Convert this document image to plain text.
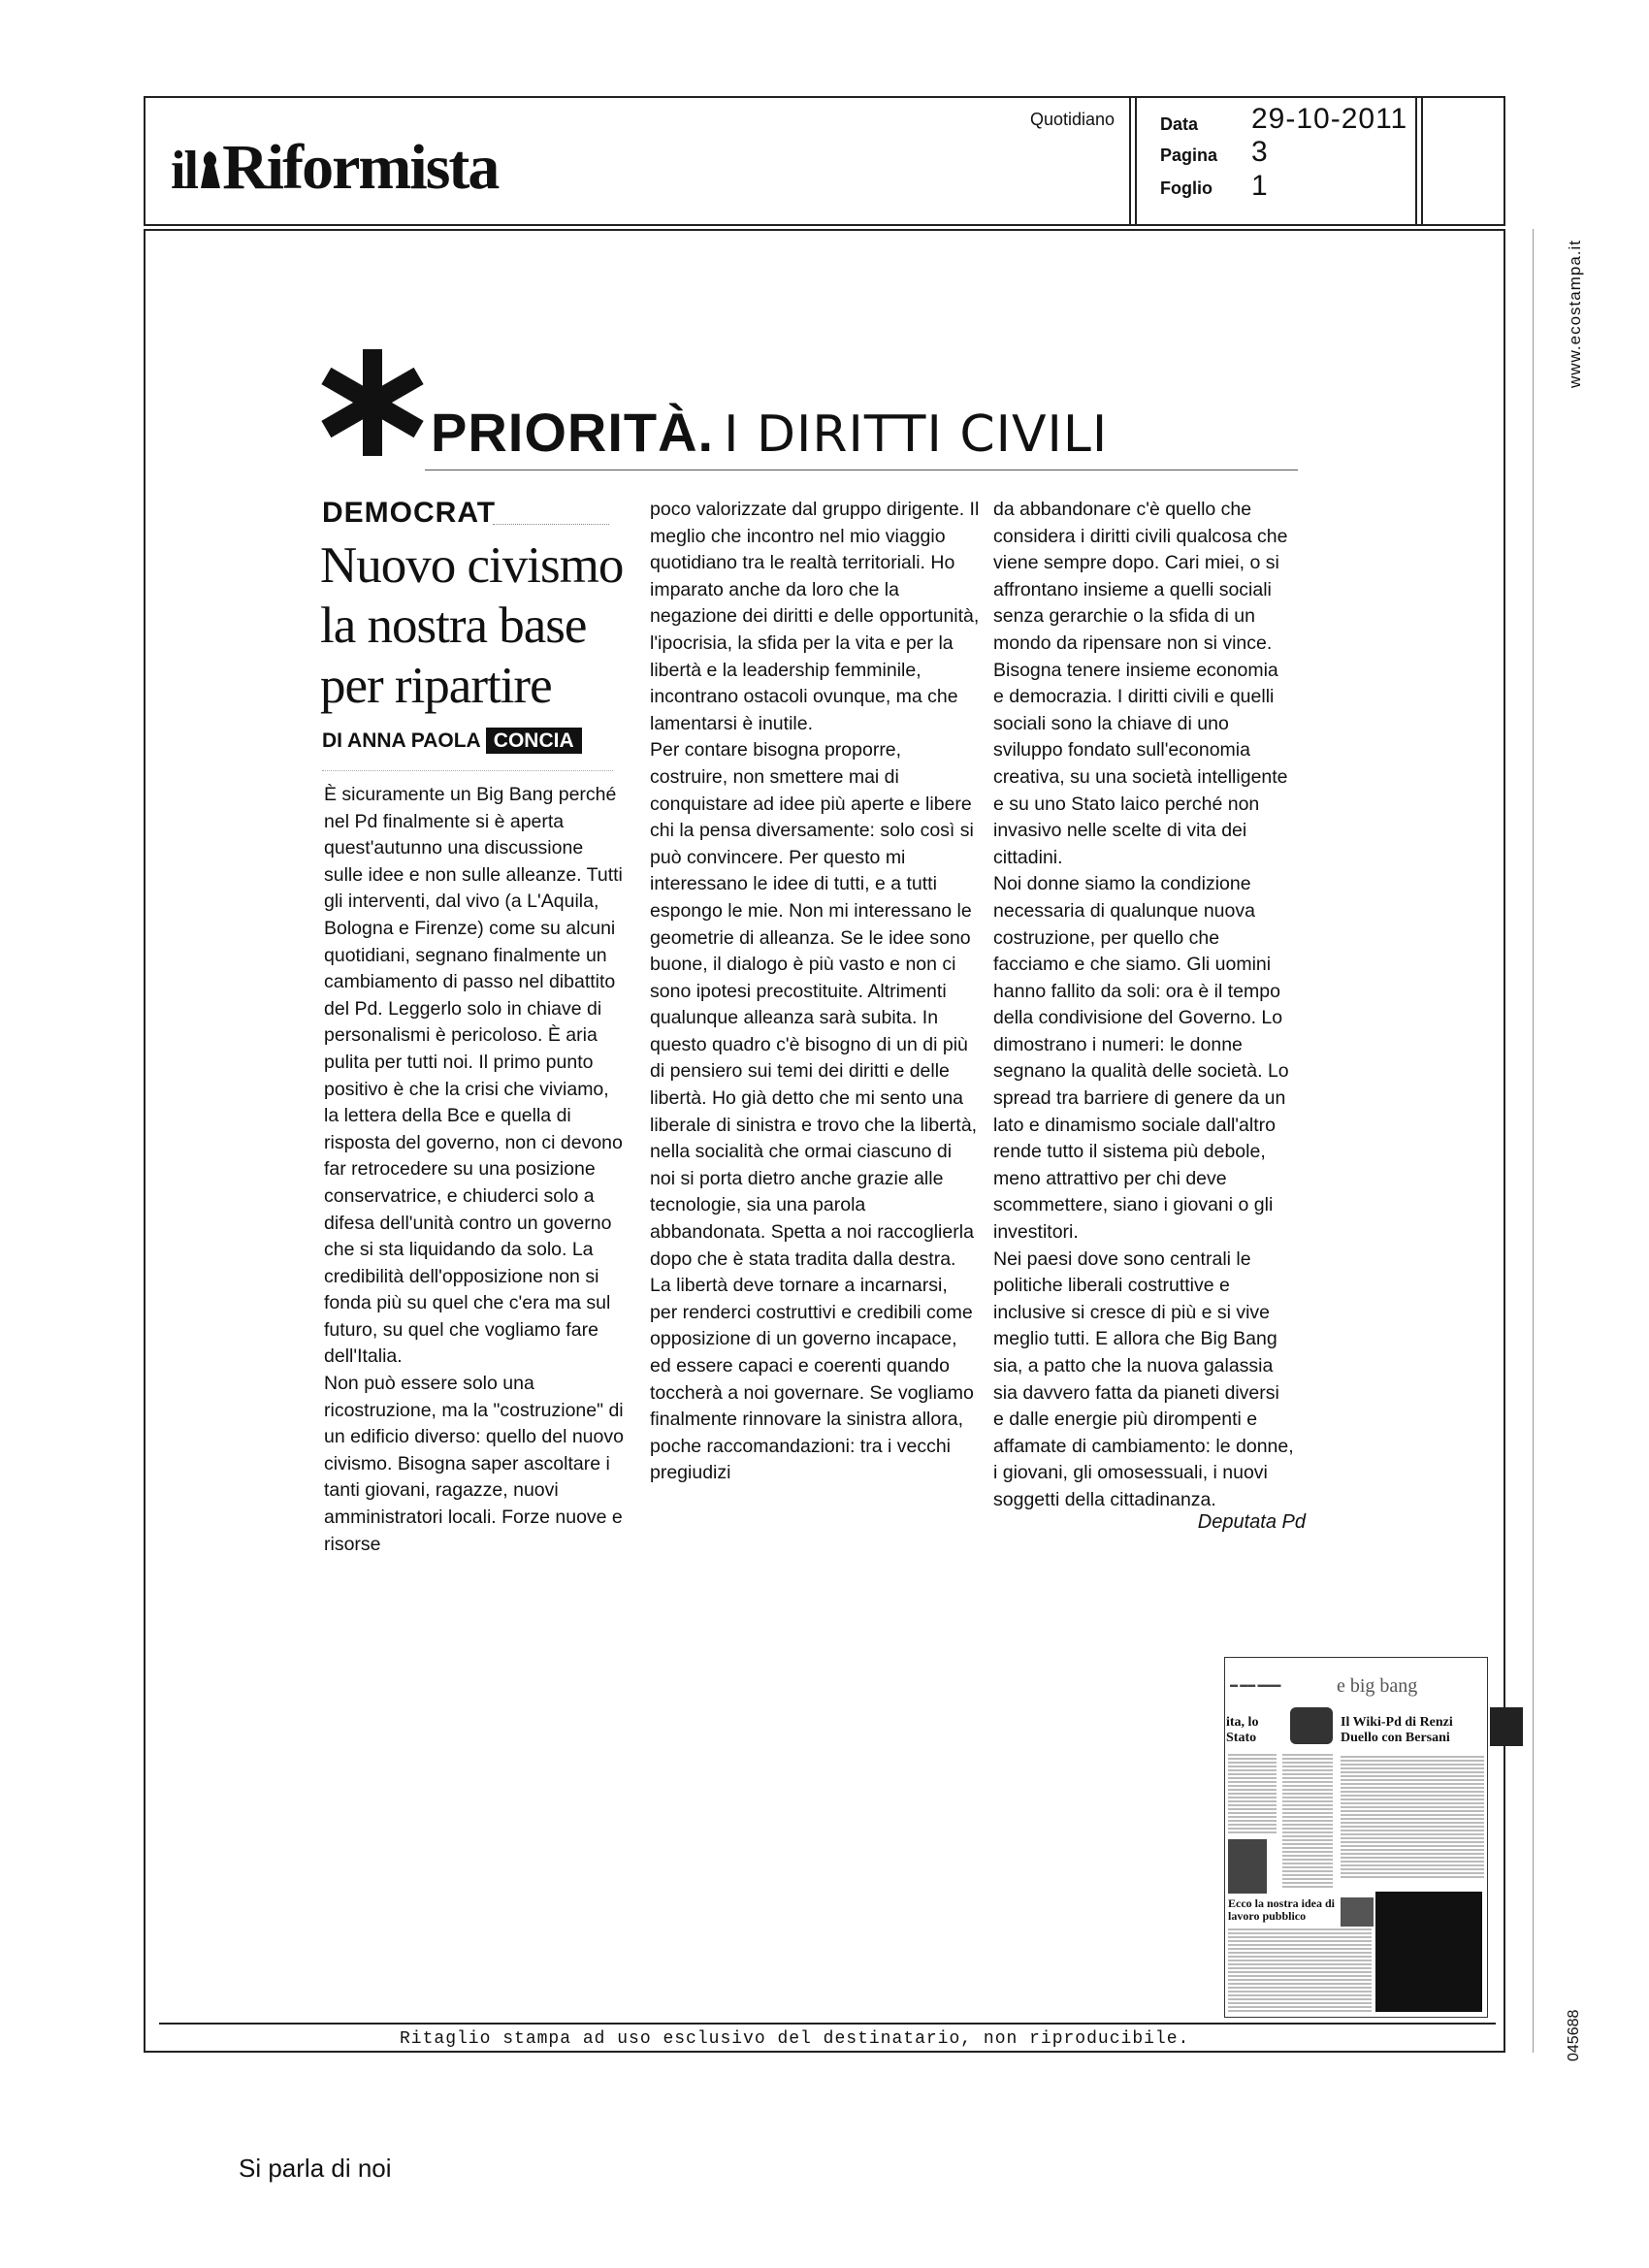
il Riformista
Quotidiano	Data 29-10-2011
Pagina 3
Foglio 1
www.ecostampa.it
045688
PRIORITÀ. I DIRITTI CIVILI
DEMOCRAT
Nuovo civismo la nostra base per ripartire
DI ANNA PAOLA CONCIA

È sicuramente un Big Bang perché nel Pd finalmente si è aperta quest'autunno una discussione sulle idee e non sulle alleanze. Tutti gli interventi, dal vivo (a L'Aquila, Bologna e Firenze) come su alcuni quotidiani, segnano finalmente un cambiamento di passo nel dibattito del Pd. Leggerlo solo in chiave di personalismi è pericoloso. È aria pulita per tutti noi. Il primo punto positivo è che la crisi che viviamo, la lettera della Bce e quella di risposta del governo, non ci devono far retrocedere su una posizione conservatrice, e chiuderci solo a difesa dell'unità contro un governo che si sta liquidando da solo. La credibilità dell'opposizione non si fonda più su quel che c'era ma sul futuro, su quel che vogliamo fare dell'Italia.

Non può essere solo una ricostruzione, ma la "costruzione" di un edificio diverso: quello del nuovo civismo. Bisogna saper ascoltare i tanti giovani, ragazze, nuovi amministratori locali. Forze nuove e risorse

poco valorizzate dal gruppo dirigente. Il meglio che incontro nel mio viaggio quotidiano tra le realtà territoriali. Ho imparato anche da loro che la negazione dei diritti e delle opportunità, l'ipocrisia, la sfida per la vita e per la libertà e la leadership femminile, incontrano ostacoli ovunque, ma che lamentarsi è inutile.

Per contare bisogna proporre, costruire, non smettere mai di conquistare ad idee più aperte e libere chi la pensa diversamente: solo così si può convincere. Per questo mi interessano le idee di tutti, e a tutti espongo le mie. Non mi interessano le geometrie di alleanza. Se le idee sono buone, il dialogo è più vasto e non ci sono ipotesi precostituite. Altrimenti qualunque alleanza sarà subita. In questo quadro c'è bisogno di un di più di pensiero sui temi dei diritti e delle libertà. Ho già detto che mi sento una liberale di sinistra e trovo che la libertà, nella socialità che ormai ciascuno di noi si porta dietro anche grazie alle tecnologie, sia una parola abbandonata. Spetta a noi raccoglierla dopo che è stata tradita dalla destra. La libertà deve tornare a incarnarsi, per renderci costruttivi e credibili come opposizione di un governo incapace, ed essere capaci e coerenti quando toccherà a noi governare. Se vogliamo finalmente rinnovare la sinistra allora, poche raccomandazioni: tra i vecchi pregiudizi

da abbandonare c'è quello che considera i diritti civili qualcosa che viene sempre dopo. Cari miei, o si affrontano insieme a quelli sociali senza gerarchie o la sfida di un mondo da ripensare non si vince. Bisogna tenere insieme economia e democrazia. I diritti civili e quelli sociali sono la chiave di uno sviluppo fondato sull'economia creativa, su una società intelligente e su uno Stato laico perché non invasivo nelle scelte di vita dei cittadini.

Noi donne siamo la condizione necessaria di qualunque nuova costruzione, per quello che facciamo e che siamo. Gli uomini hanno fallito da soli: ora è il tempo della condivisione del Governo. Lo dimostrano i numeri: le donne segnano la qualità delle società. Lo spread tra barriere di genere da un lato e dinamismo sociale dall'altro rende tutto il sistema più debole, meno attrattivo per chi deve scommettere, siano i giovani o gli investitori.

Nei paesi dove sono centrali le politiche liberali costruttive e inclusive si cresce di più e si vive meglio tutti. E allora che Big Bang sia, a patto che la nuova galassia sia davvero fatta da pianeti diversi e dalle energie più dirompenti e affamate di cambiamento: le donne, i giovani, gli omosessuali, i nuovi soggetti della cittadinanza.

Deputata Pd
▬ ▬▬ ▬▬▬	e big bang
ita, lo Stato
Il Wiki-Pd di Renzi Duello con Bersani
Ecco la nostra idea di lavoro pubblico
Ritaglio stampa ad uso esclusivo del destinatario, non riproducibile.
Si parla di noi
